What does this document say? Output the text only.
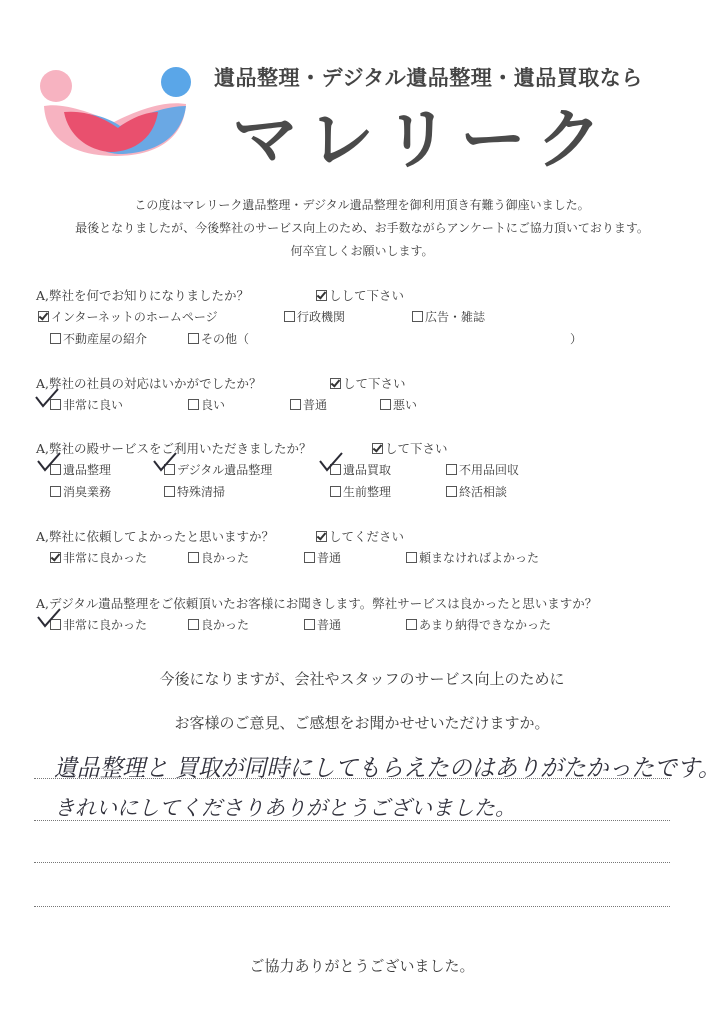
遺品整理・デジタル遺品整理・遺品買取なら
マレリーク
この度はマレリーク遺品整理・デジタル遺品整理を御利用頂き有難う御座いました。
最後となりましたが、今後弊社のサービス向上のため、お手数ながらアンケートにご協力頂いております。
何卒宜しくお願いします。
A,弊社を何でお知りになりましたか？	しして下さい
インターネットのホームページ	行政機関	広告・雑誌
不動産屋の紹介	その他（	）
A,弊社の社員の対応はいかがでしたか？	して下さい
非常に良い	良い	普通	悪い
A,弊社の殿サービスをご利用いただきましたか？	して下さい
遺品整理	デジタル遺品整理	遺品買取	不用品回収
消臭業務	特殊清掃	生前整理	終活相談
A,弊社に依頼してよかったと思いますか？	してください
非常に良かった	良かった	普通	頼まなければよかった
A,デジタル遺品整理をご依頼頂いたお客様にお聞きします。弊社サービスは良かったと思いますか？
非常に良かった	良かった	普通	あまり納得できなかった
今後になりますが、会社やスタッフのサービス向上のために
お客様のご意見、ご感想をお聞かせせいただけますか。
遺品整理と 買取が同時にしてもらえたのはありがたかったです。
きれいにしてくださりありがとうございました。
ご協力ありがとうございました。
